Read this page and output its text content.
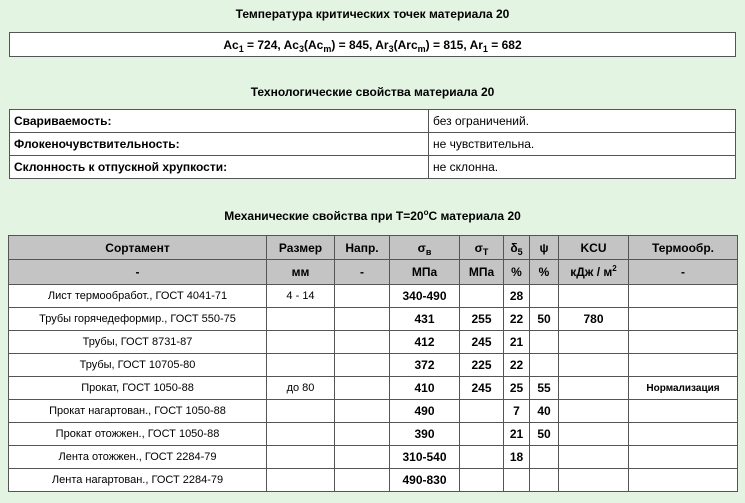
Температура критических точек материала 20
$Ac_1 = 724$, $Ac_3(Ac_m) = 845$, $Ar_3(Arc_m) = 815$, $Ar_1 = 682$
Технологические свойства материала 20
Свариваемость:	без ограничений.
Флокеночувствительность:	не чувствительна.
Склонность к отпускной хрупкости:	не склонна.
Механические свойства при $Т=20^oС$ материала 20
Сортамент	Размер	Напр.	$\sigma_в$	$\sigma_T$	$\delta_5$	ψ	KCU	Термообр.
-	мм	-	МПа	МПа	%	%	кДж / $м^2$	-
Лист термообработ., ГОСТ 4041-71	4 - 14		340-490		28			
Трубы горячедеформир., ГОСТ 550-75			431	255	22	50	780	
Трубы, ГОСТ 8731-87			412	245	21			
Трубы, ГОСТ 10705-80			372	225	22			
Прокат, ГОСТ 1050-88	до 80		410	245	25	55		Нормализация
Прокат нагартован., ГОСТ 1050-88			490		7	40		
Прокат отожжен., ГОСТ 1050-88			390		21	50		
Лента отожжен., ГОСТ 2284-79			310-540		18			
Лента нагартован., ГОСТ 2284-79			490-830					
